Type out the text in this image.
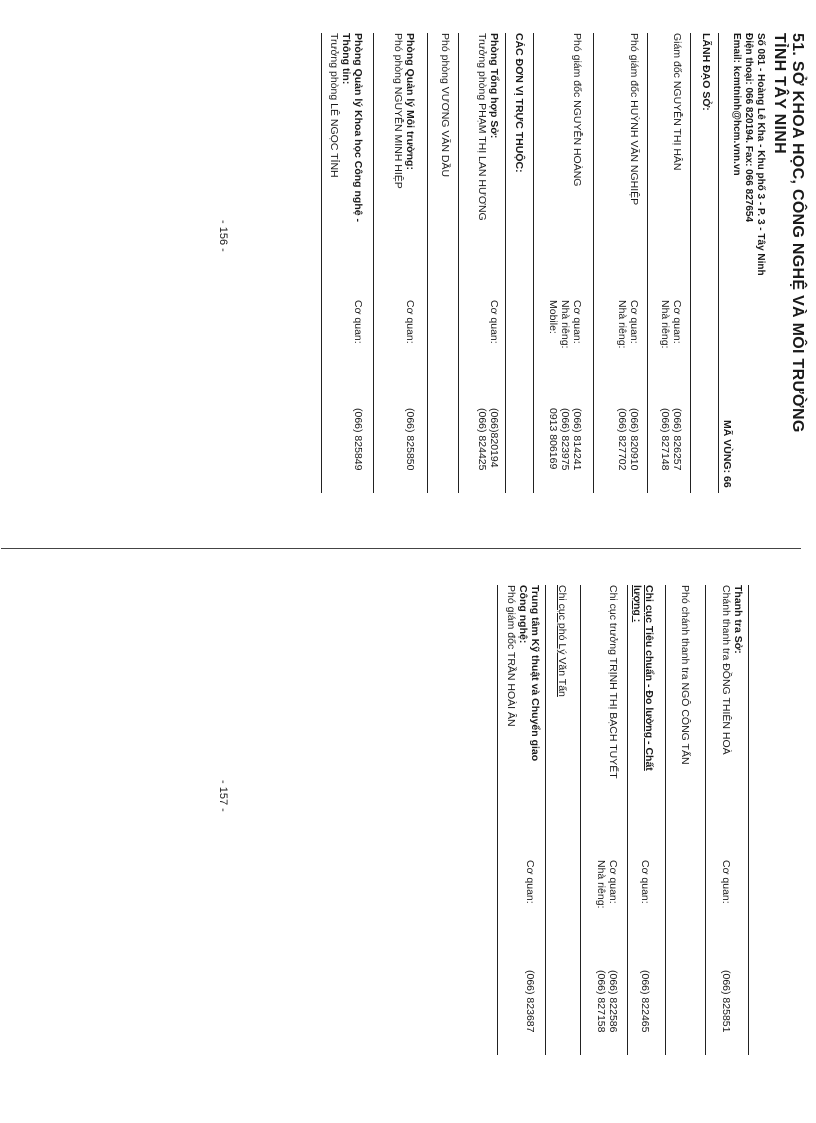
51. SỞ KHOA HỌC, CÔNG NGHỆ VÀ MÔI TRƯỜNG
TỈNH TÂY NINH
Số 081 - Hoàng Lê Kha - Khu phố 3 - P. 3 - Tây Ninh
Điện thoại: 066 820194. Fax: 066 827654
Email: kcmtninh@hcm.vnn.vn
MÃ VÙNG: 66
LÃNH ĐẠO SỞ:
Giám đốc NGUYỄN THỊ HÂN
Cơ quan:
Nhà riêng:
(066) 826257
(066) 827148
Phó giám đốc HUỲNH VĂN NGHIỆP
Cơ quan:
Nhà riêng:
(066) 820910
(066) 827702
Phó giám đốc NGUYỄN HOÀNG
Cơ quan:
Nhà riêng:
Mobile:
(066) 814241
(066) 823975
0913 806169
CÁC ĐƠN VỊ TRỰC THUỘC:
Phòng Tổng hợp Sở:
Trưởng phòng PHẠM THỊ LAN HƯƠNG
Cơ quan:
(066)820194
(066) 824425
Phó phòng VƯƠNG VĂN DẦU
Phòng Quản lý Môi trường:
Phó phòng NGUYỄN MINH HIỆP
Cơ quan:
(066) 825850
Phòng Quản lý Khoa học Công nghệ -
Thông tin:
Trưởng phòng LÊ NGỌC TỈNH
Cơ quan:
(066) 825849
- 156 -
Thanh tra Sở:
Chánh thanh tra ĐỒNG THIÊN HOÀ
Cơ quan:
(066) 825851
Phó chánh thanh tra NGÔ CÔNG TẤN
Chi cục Tiêu chuẩn - Đo lường - Chất
lượng :
Cơ quan:
(066) 822465
Chi cục trưởng TRỊNH THỊ BẠCH TUYẾT
Cơ quan:
Nhà riêng:
(066) 822586
(066) 827158
Chi cục phó Lý Văn Tấn
Trung tâm Kỹ thuật và Chuyển giao
Công nghệ:
Phó giám đốc TRẦN HOÀI ÂN
Cơ quan:
(066) 823687
- 157 -
